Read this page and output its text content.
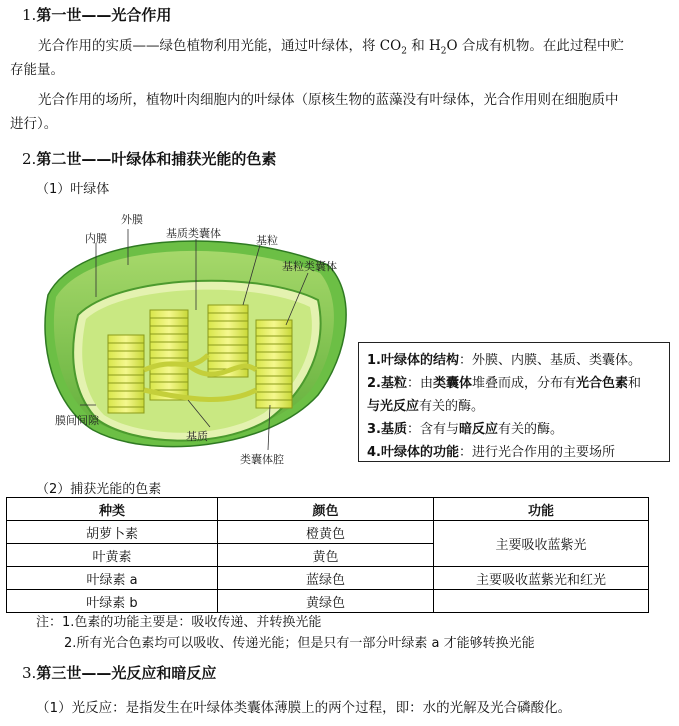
1.第一世——光合作用
光合作用的实质——绿色植物利用光能，通过叶绿体，将 $CO_2$ 和 $H_2O$ 合成有机物。在此过程中贮
存能量。
光合作用的场所，植物叶肉细胞内的叶绿体（原核生物的蓝藻没有叶绿体，光合作用则在细胞质中
进行）。
2.第二世——叶绿体和捕获光能的色素
（1）叶绿体
外膜
内膜	基质类囊体
基粒
基粒类囊体
膜间间隙
基质
类囊体腔
1.叶绿体的结构：外膜、内膜、基质、类囊体。
2.基粒：由类囊体堆叠而成，分布有光合色素和
与光反应有关的酶。
3.基质：含有与暗反应有关的酶。
4.叶绿体的功能：进行光合作用的主要场所
（2）捕获光能的色素
种类	颜色	功能
胡萝卜素	橙黄色	主要吸收蓝紫光
叶黄素	黄色	
叶绿素 a	蓝绿色	主要吸收蓝紫光和红光
叶绿素 b	黄绿色	
注：1.色素的功能主要是：吸收传递、并转换光能
2.所有光合色素均可以吸收、传递光能；但是只有一部分叶绿素 a 才能够转换光能
3.第三世——光反应和暗反应
（1）光反应：是指发生在叶绿体类囊体薄膜上的两个过程，即：水的光解及光合磷酸化。
